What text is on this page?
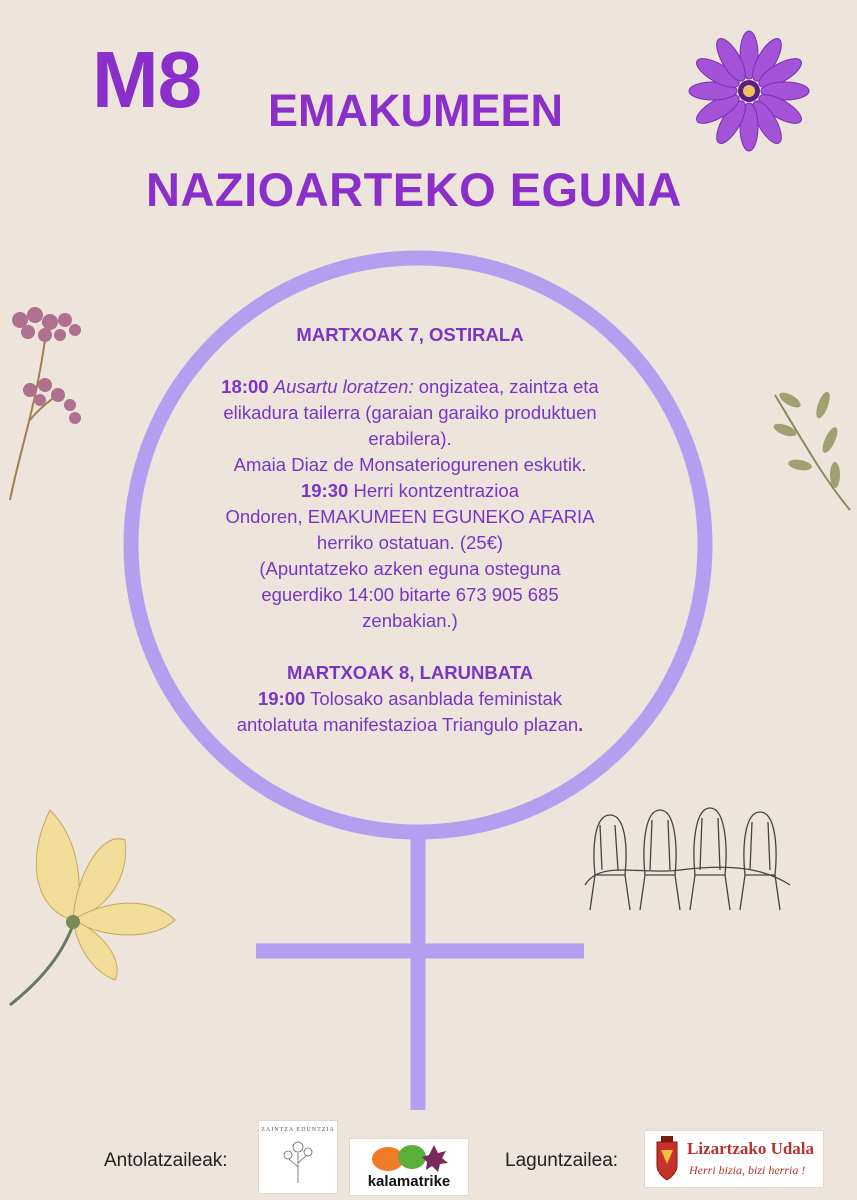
M8 EMAKUMEEN
NAZIOARTEKO EGUNA
MARTXOAK 7, OSTIRALA
18:00 Ausartu loratzen: ongizatea, zaintza eta
elikadura tailerra (garaian garaiko produktuen
erabilera).
Amaia Diaz de Monsateriogurenen eskutik.
19:30 Herri kontzentrazioa
Ondoren, EMAKUMEEN EGUNEKO AFARIA
herriko ostatuan. (25€)
(Apuntatzeko azken eguna osteguna
eguerdiko 14:00 bitarte 673 905 685
zenbakian.)
MARTXOAK 8, LARUNBATA
19:00 Tolosako asanblada feministak
antolatuta manifestazioa Triangulo plazan.
Antolatzaileak:
ZAINTZA EDUNTZIA
kalamatrike
Laguntzailea:
Lizartzako Udala
Herri bizia, bizi herria !
